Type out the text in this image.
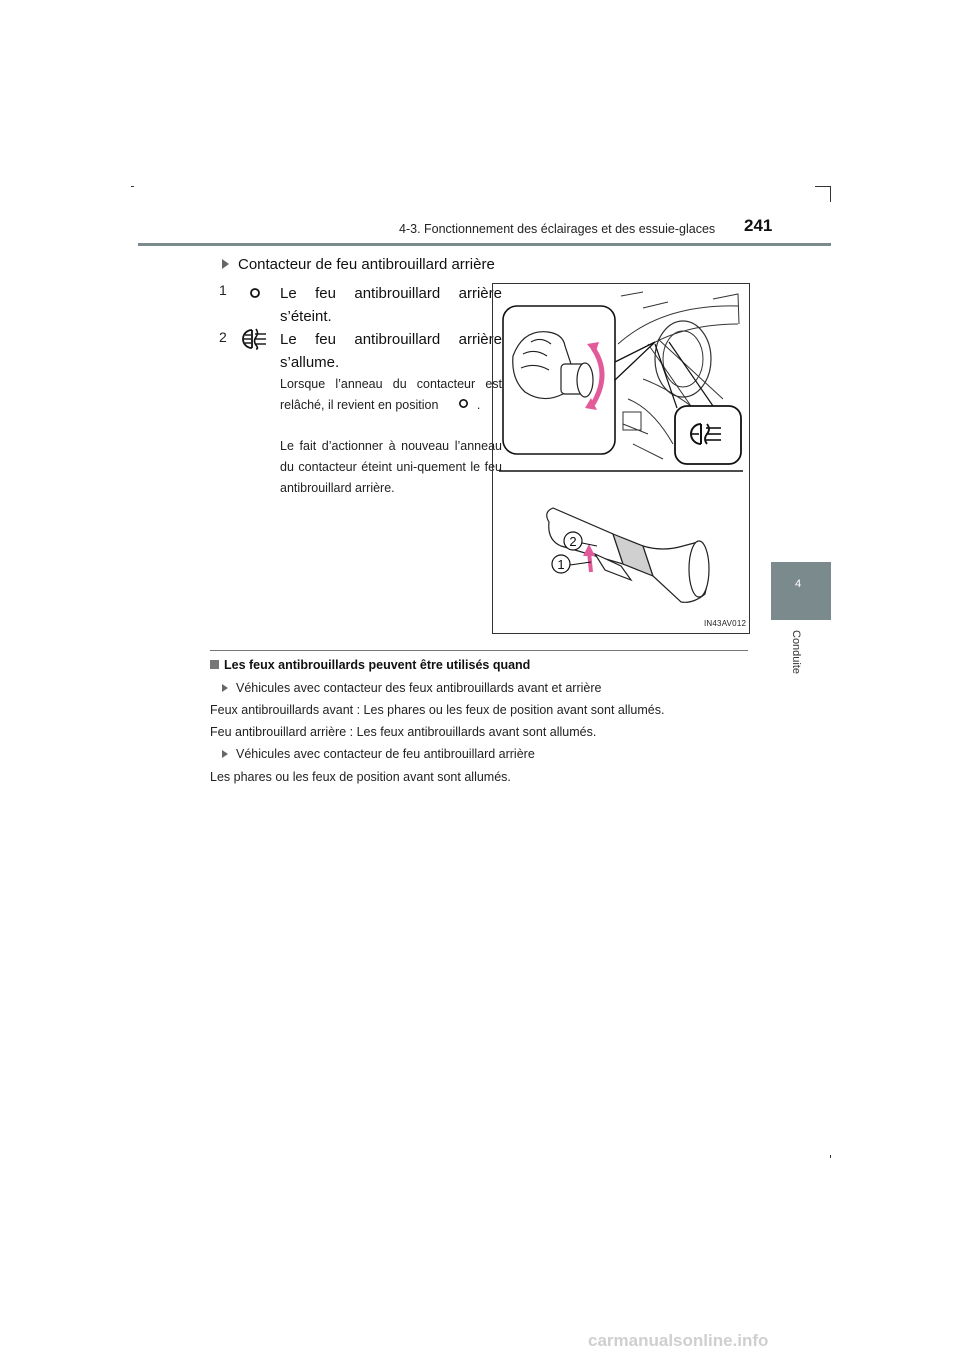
4-3. Fonctionnement des éclairages et des essuie-glaces 241
4
Conduite
Contacteur de feu antibrouillard arrière
1	Le feu antibrouillard arrière s’éteint.
2	Le feu antibrouillard arrière s’allume.
Lorsque l’anneau du contacteur est relâché, il revient en position	.
Le fait d’actionner à nouveau l’anneau du contacteur éteint uni-quement le feu antibrouillard arrière.
2
1
IN43AV012
Les feux antibrouillards peuvent être utilisés quand
Véhicules avec contacteur des feux antibrouillards avant et arrière
Feux antibrouillards avant : Les phares ou les feux de position avant sont allumés.
Feu antibrouillard arrière : Les feux antibrouillards avant sont allumés.
Véhicules avec contacteur de feu antibrouillard arrière
Les phares ou les feux de position avant sont allumés.
carmanualsonline.info
